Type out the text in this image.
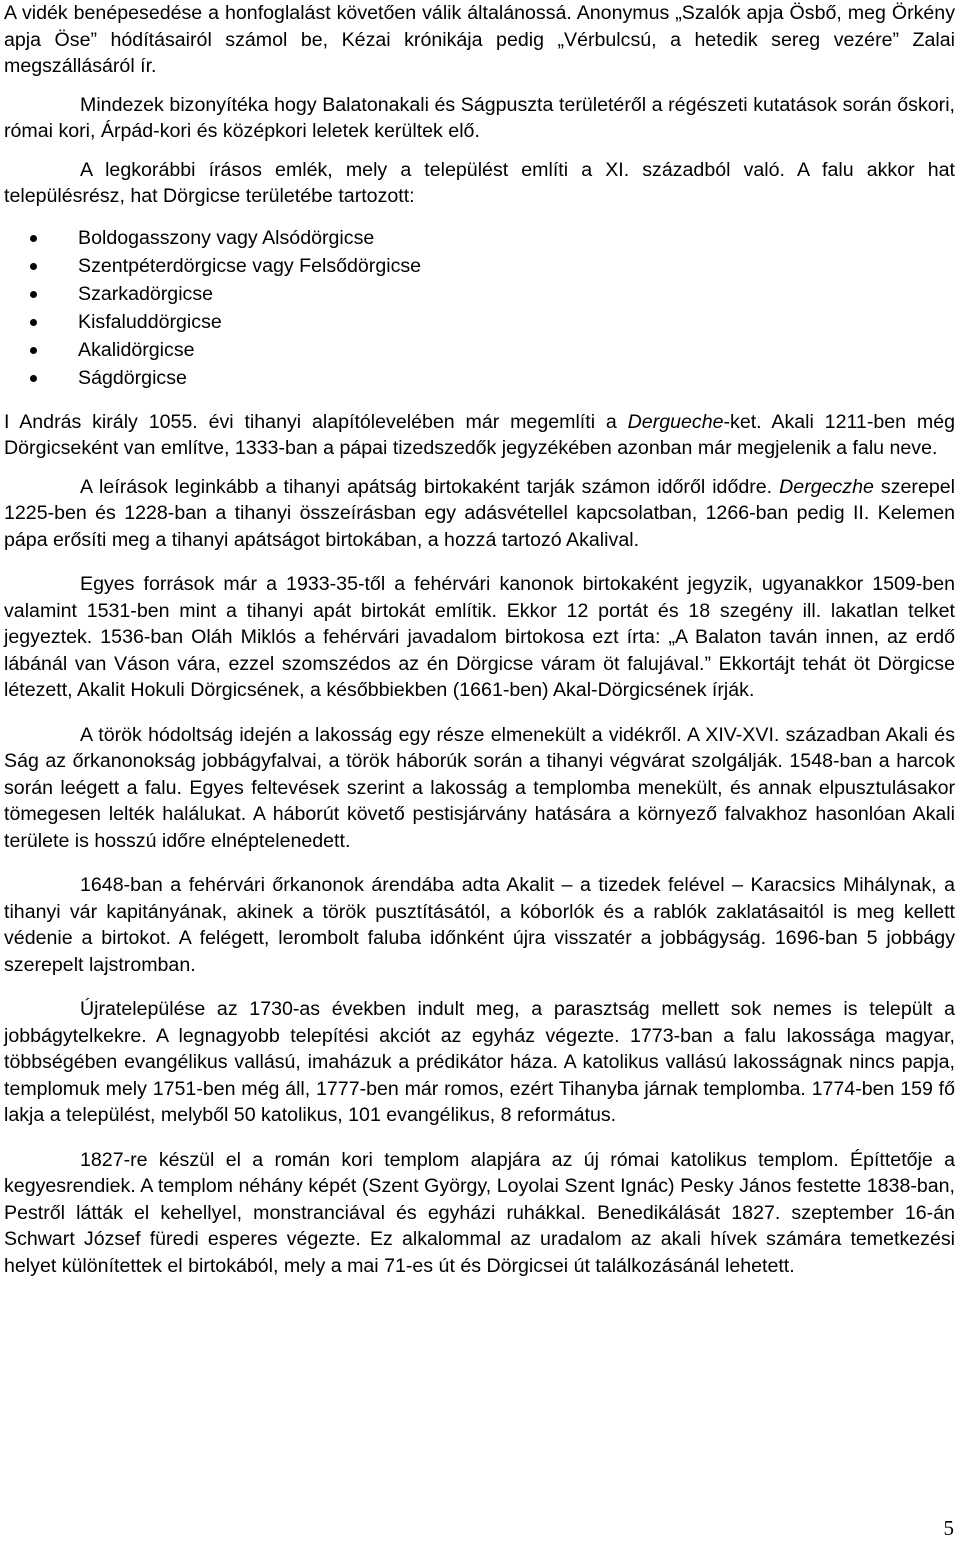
A vidék benépesedése a honfoglalást követően válik általánossá. Anonymus „Szalók apja Ösbő, meg Örkény apja Öse” hódításairól számol be, Kézai krónikája pedig „Vérbulcsú, a hetedik sereg vezére” Zalai megszállásáról ír.

Mindezek bizonyítéka hogy Balatonakali és Ságpuszta területéről a régészeti kutatások során őskori, római kori, Árpád-kori és középkori leletek kerültek elő.

A legkorábbi írásos emlék, mely a települést említi a XI. századból való. A falu akkor hat településrész, hat Dörgicse területébe tartozott:

Boldogasszony vagy Alsódörgicse
Szentpéterdörgicse vagy Felsődörgicse
Szarkadörgicse
Kisfaluddörgicse
Akalidörgicse
Ságdörgicse

I András király 1055. évi tihanyi alapítólevelében már megemlíti a Dergueche-ket. Akali 1211-ben még Dörgicseként van említve, 1333-ban a pápai tizedszedők jegyzékében azonban már megjelenik a falu neve.

A leírások leginkább a tihanyi apátság birtokaként tarják számon időről idődre. Dergeczhe szerepel 1225-ben és 1228-ban a tihanyi összeírásban egy adásvétellel kapcsolatban, 1266-ban pedig II. Kelemen pápa erősíti meg a tihanyi apátságot birtokában, a hozzá tartozó Akalival.

Egyes források már a 1933-35-től a fehérvári kanonok birtokaként jegyzik, ugyanakkor 1509-ben valamint 1531-ben mint a tihanyi apát birtokát említik. Ekkor 12 portát és 18 szegény ill. lakatlan telket jegyeztek. 1536-ban Oláh Miklós a fehérvári javadalom birtokosa ezt írta: „A Balaton taván innen, az erdő lábánál van Váson vára, ezzel szomszédos az én Dörgicse váram öt falujával.” Ekkortájt tehát öt Dörgicse létezett, Akalit Hokuli Dörgicsének, a későbbiekben (1661-ben) Akal-Dörgicsének írják.

A török hódoltság idején a lakosság egy része elmenekült a vidékről. A XIV-XVI. században Akali és Ság az őrkanonokság jobbágyfalvai, a török háborúk során a tihanyi végvárat szolgálják. 1548-ban a harcok során leégett a falu. Egyes feltevések szerint a lakosság a templomba menekült, és annak elpusztulásakor tömegesen lelték halálukat. A háborút követő pestisjárvány hatására a környező falvakhoz hasonlóan Akali területe is hosszú időre elnéptelenedett.

1648-ban a fehérvári őrkanonok árendába adta Akalit – a tizedek felével – Karacsics Mihálynak, a tihanyi vár kapitányának, akinek a török pusztításától, a kóborlók és a rablók zaklatásaitól is meg kellett védenie a birtokot. A felégett, lerombolt faluba időnként újra visszatér a jobbágyság. 1696-ban 5 jobbágy szerepelt lajstromban.

Újratelepülése az 1730-as években indult meg, a parasztság mellett sok nemes is települt a jobbágytelkekre. A legnagyobb telepítési akciót az egyház végezte. 1773-ban a falu lakossága magyar, többségében evangélikus vallású, imaházuk a prédikátor háza. A katolikus vallású lakosságnak nincs papja, templomuk mely 1751-ben még áll, 1777-ben már romos, ezért Tihanyba járnak templomba. 1774-ben 159 fő lakja a települést, melyből 50 katolikus, 101 evangélikus, 8 református.

1827-re készül el a román kori templom alapjára az új római katolikus templom. Építtetője a kegyesrendiek. A templom néhány képét (Szent György, Loyolai Szent Ignác) Pesky János festette 1838-ban, Pestről látták el kehellyel, monstranciával és egyházi ruhákkal. Benedikálását 1827. szeptember 16-án Schwart József füredi esperes végezte. Ez alkalommal az uradalom az akali hívek számára temetkezési helyet különítettek el birtokából, mely a mai 71-es út és Dörgicsei út találkozásánál lehetett.

5
